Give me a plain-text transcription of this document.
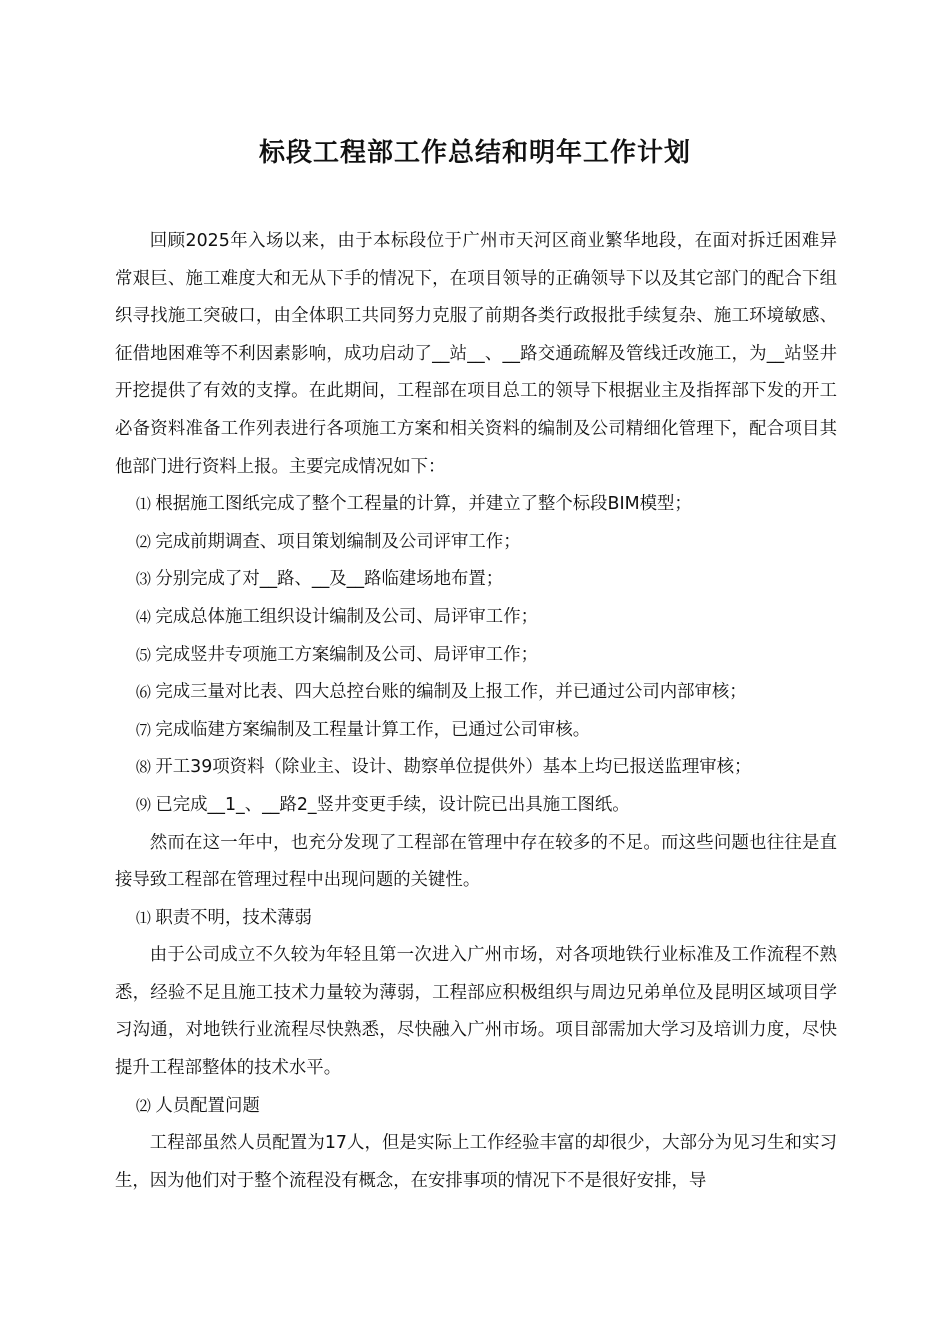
标段工程部工作总结和明年工作计划

回顾2025年入场以来，由于本标段位于广州市天河区商业繁华地段，在面对拆迁困难异常艰巨、施工难度大和无从下手的情况下，在项目领导的正确领导下以及其它部门的配合下组织寻找施工突破口，由全体职工共同努力克服了前期各类行政报批手续复杂、施工环境敏感、征借地困难等不利因素影响，成功启动了__站__、__路交通疏解及管线迁改施工，为__站竖井开挖提供了有效的支撑。在此期间，工程部在项目总工的领导下根据业主及指挥部下发的开工必备资料准备工作列表进行各项施工方案和相关资料的编制及公司精细化管理下，配合项目其他部门进行资料上报。主要完成情况如下：

⑴ 根据施工图纸完成了整个工程量的计算，并建立了整个标段BIM模型；

⑵ 完成前期调查、项目策划编制及公司评审工作；

⑶ 分别完成了对__路、__及__路临建场地布置；

⑷ 完成总体施工组织设计编制及公司、局评审工作；

⑸ 完成竖井专项施工方案编制及公司、局评审工作；

⑹ 完成三量对比表、四大总控台账的编制及上报工作，并已通过公司内部审核；

⑺ 完成临建方案编制及工程量计算工作，已通过公司审核。

⑻ 开工39项资料（除业主、设计、勘察单位提供外）基本上均已报送监理审核；

⑼ 已完成__1_、__路2_竖井变更手续，设计院已出具施工图纸。

然而在这一年中，也充分发现了工程部在管理中存在较多的不足。而这些问题也往往是直接导致工程部在管理过程中出现问题的关键性。

⑴ 职责不明，技术薄弱

由于公司成立不久较为年轻且第一次进入广州市场，对各项地铁行业标准及工作流程不熟悉，经验不足且施工技术力量较为薄弱，工程部应积极组织与周边兄弟单位及昆明区域项目学习沟通，对地铁行业流程尽快熟悉，尽快融入广州市场。项目部需加大学习及培训力度，尽快提升工程部整体的技术水平。

⑵ 人员配置问题

工程部虽然人员配置为17人，但是实际上工作经验丰富的却很少，大部分为见习生和实习生，因为他们对于整个流程没有概念，在安排事项的情况下不是很好安排，导
